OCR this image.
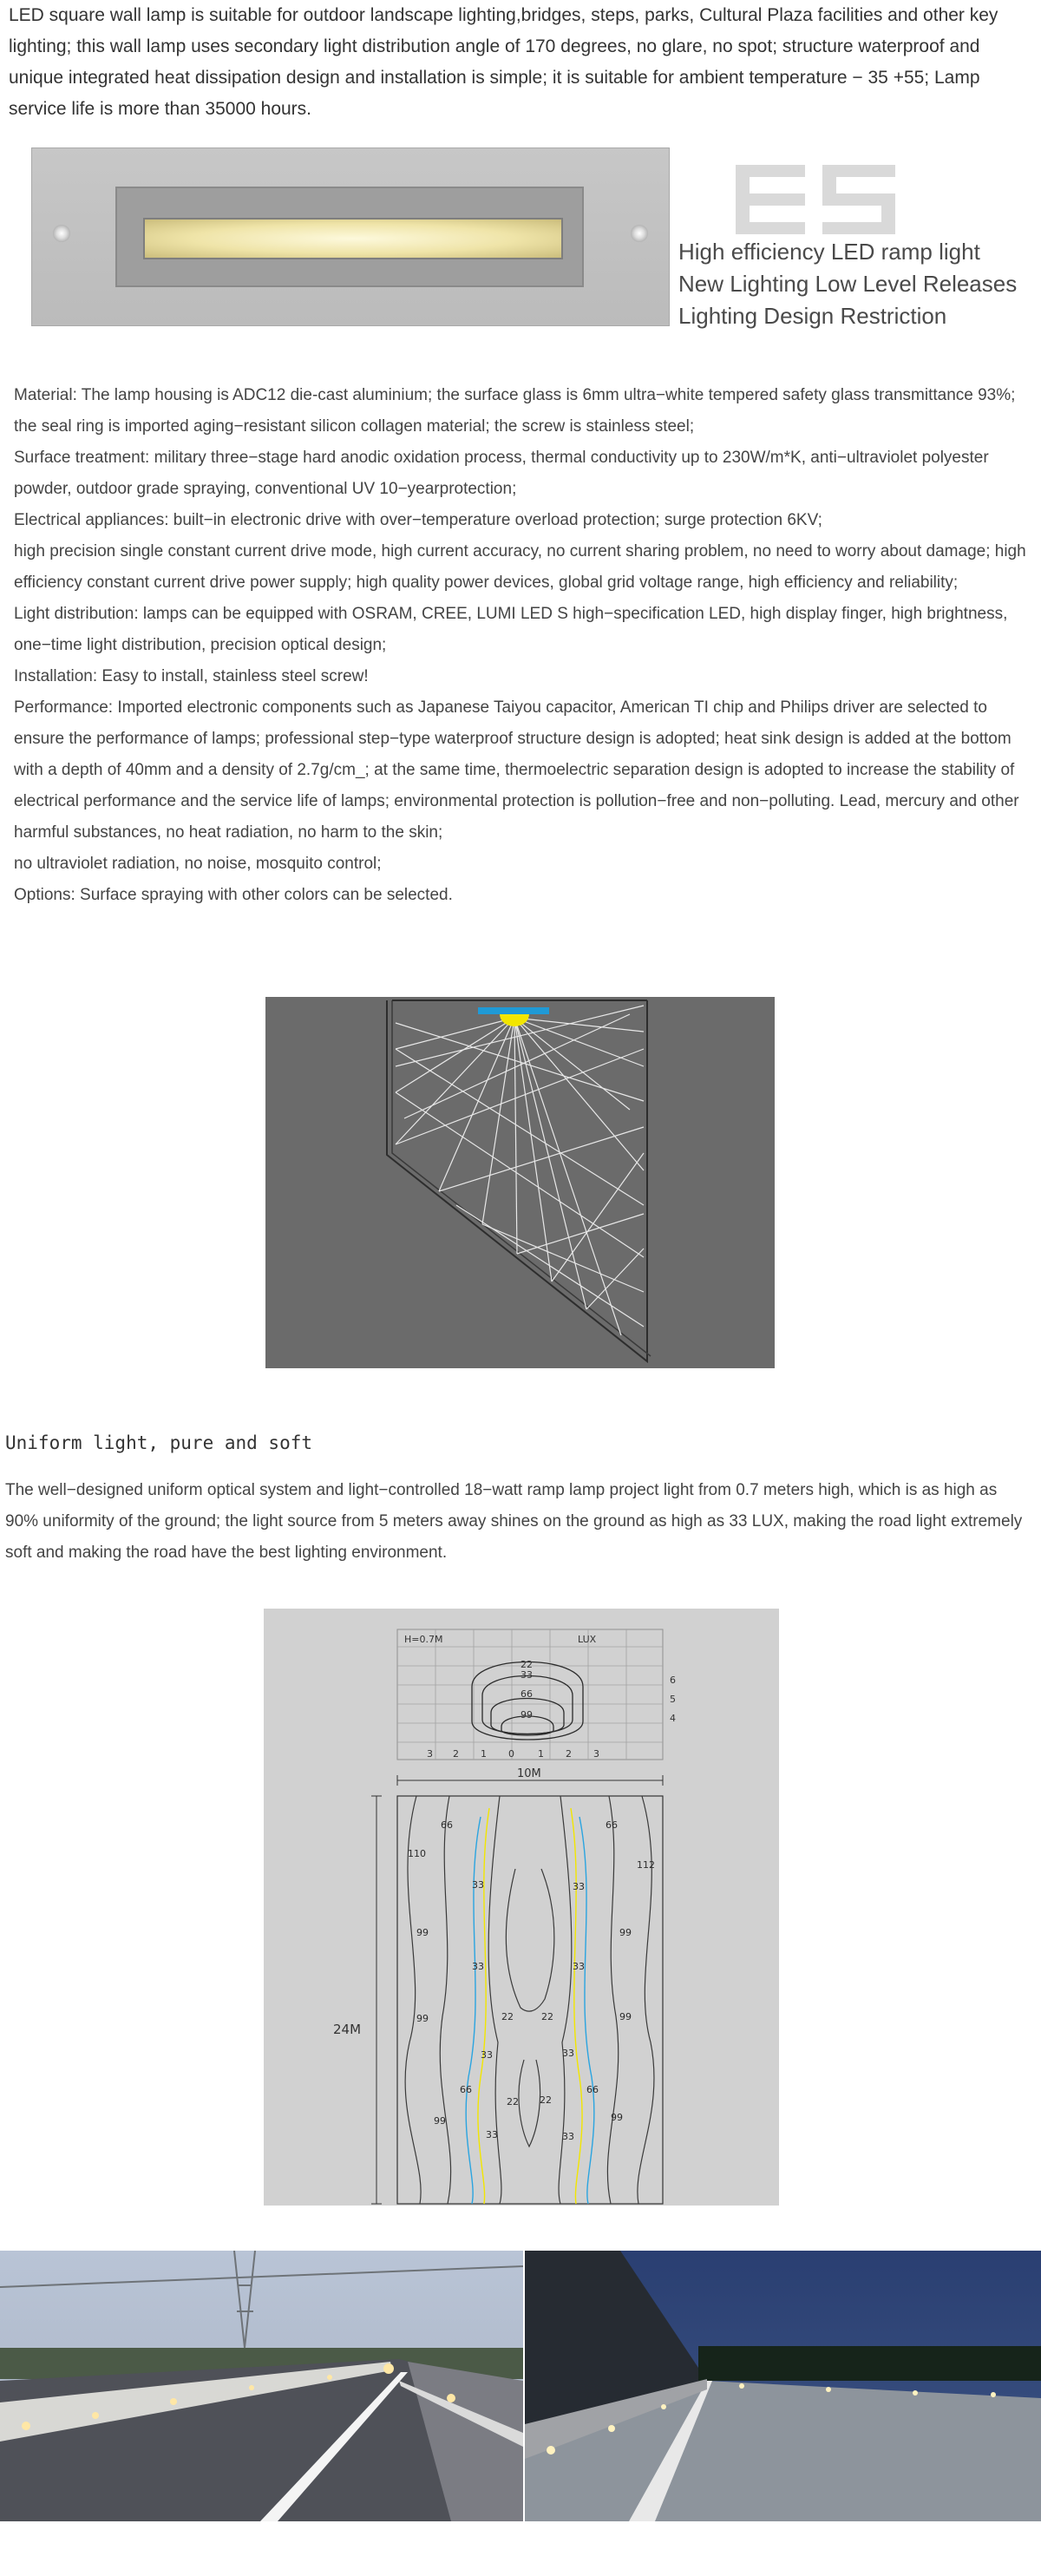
LED square wall lamp is suitable for outdoor landscape lighting,bridges, steps, parks, Cultural Plaza facilities and other key lighting; this wall lamp uses secondary light distribution angle of 170 degrees, no glare, no spot; structure waterproof and unique integrated heat dissipation design and installation is simple; it is suitable for ambient temperature − 35 +55; Lamp service life is more than 35000 hours.

High efficiency LED ramp light
New Lighting Low Level Releases
Lighting Design Restriction
Material: The lamp housing is ADC12 die-cast aluminium; the surface glass is 6mm ultra−white tempered safety glass transmittance 93%; the seal ring is imported aging−resistant silicon collagen material; the screw is stainless steel;
Surface treatment: military three−stage hard anodic oxidation process, thermal conductivity up to 230W/m*K, anti−ultraviolet polyester powder, outdoor grade spraying, conventional UV 10−yearprotection;
Electrical appliances: built−in electronic drive with over−temperature overload protection; surge protection 6KV;
high precision single constant current drive mode, high current accuracy, no current sharing problem, no need to worry about damage; high efficiency constant current drive power supply; high quality power devices, global grid voltage range, high efficiency and reliability;
Light distribution: lamps can be equipped with OSRAM, CREE, LUMI LED S high−specification LED, high display finger, high brightness, one−time light distribution, precision optical design;
Installation: Easy to install, stainless steel screw!
Performance: Imported electronic components such as Japanese Taiyou capacitor, American TI chip and Philips driver are selected to ensure the performance of lamps; professional step−type waterproof structure design is adopted; heat sink design is added at the bottom with a depth of 40mm and a density of 2.7g/cm_; at the same time, thermoelectric separation design is adopted to increase the stability of electrical performance and the service life of lamps; environmental protection is pollution−free and non−polluting. Lead, mercury and other harmful substances, no heat radiation, no harm to the skin;
no ultraviolet radiation, no noise, mosquito control;
Options: Surface spraying with other colors can be selected.
Uniform light, pure and soft

The well−designed uniform optical system and light−controlled 18−watt ramp lamp project light from 0.7 meters high, which is as high as 90% uniformity of the ground; the light source from 5 meters away shines on the ground as high as 33 LUX, making the road light extremely soft and making the road have the best lighting environment.

H=0.7M	LUX
22
33
66
99
6
5
4
3 2 1 0 1 2 3
10M
24M
66	66
110
112
33	33
99	99
33	33
99	22	22	99
33	33
66
22 22
66
99	99
33	33
